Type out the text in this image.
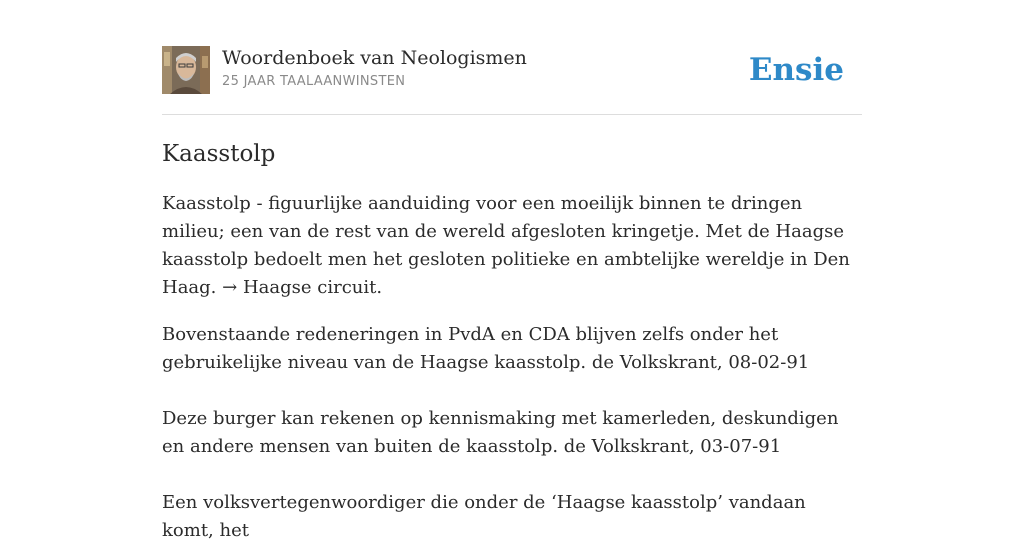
Woordenboek van Neologismen
25 JAAR TAALAANWINSTEN	Ensie
Kaasstolp

Kaasstolp - figuurlijke aanduiding voor een moeilijk binnen te dringen milieu; een van de rest van de wereld afgesloten kringetje. Met de Haagse kaasstolp bedoelt men het gesloten politieke en ambtelijke wereldje in Den Haag. → Haagse circuit.

Bovenstaande redeneringen in PvdA en CDA blijven zelfs onder het gebruikelijke niveau van de Haagse kaasstolp. de Volkskrant, 08-02-91

Deze burger kan rekenen op kennismaking met kamerleden, deskundigen en andere mensen van buiten de kaasstolp. de Volkskrant, 03-07-91

Een volksvertegenwoordiger die onder de ‘Haagse kaasstolp’ vandaan komt, het
